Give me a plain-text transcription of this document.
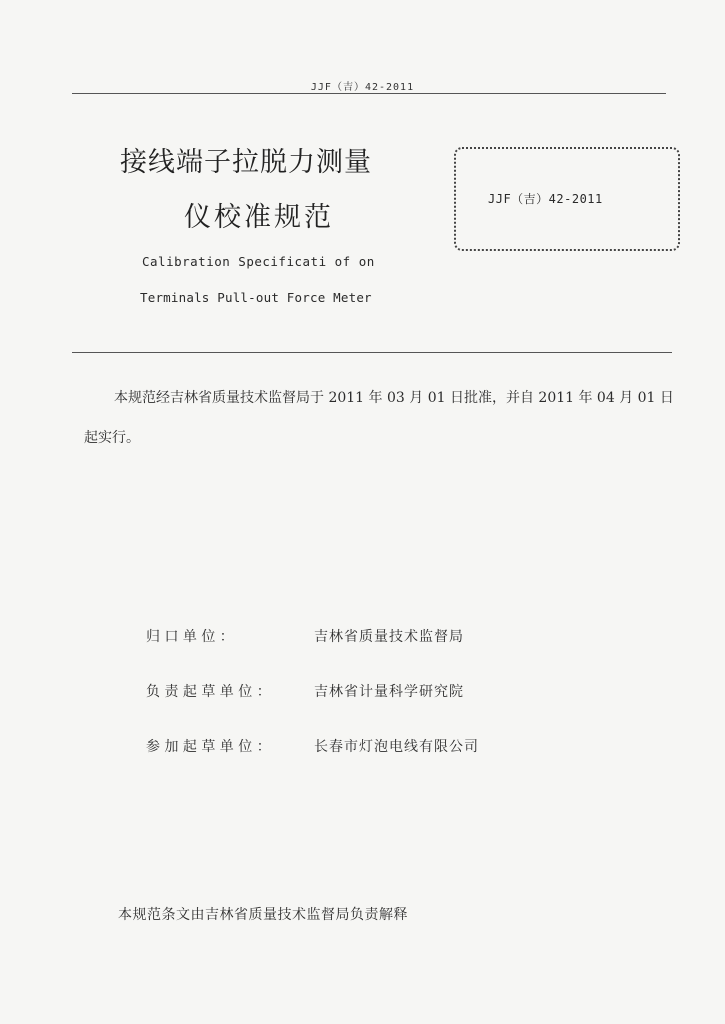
JJF（吉）42-2011
接线端子拉脱力测量
仪校准规范
Calibration Specificati of on
Terminals Pull-out Force Meter
JJF（吉）42-2011
本规范经吉林省质量技术监督局于 2011 年 03 月 01 日批准，并自 2011 年 04 月 01 日起实行。
归 口 单 位 ：	吉林省质量技术监督局
负 责 起 草 单 位 ：	吉林省计量科学研究院
参 加 起 草 单 位 ：	长春市灯泡电线有限公司
本规范条文由吉林省质量技术监督局负责解释
